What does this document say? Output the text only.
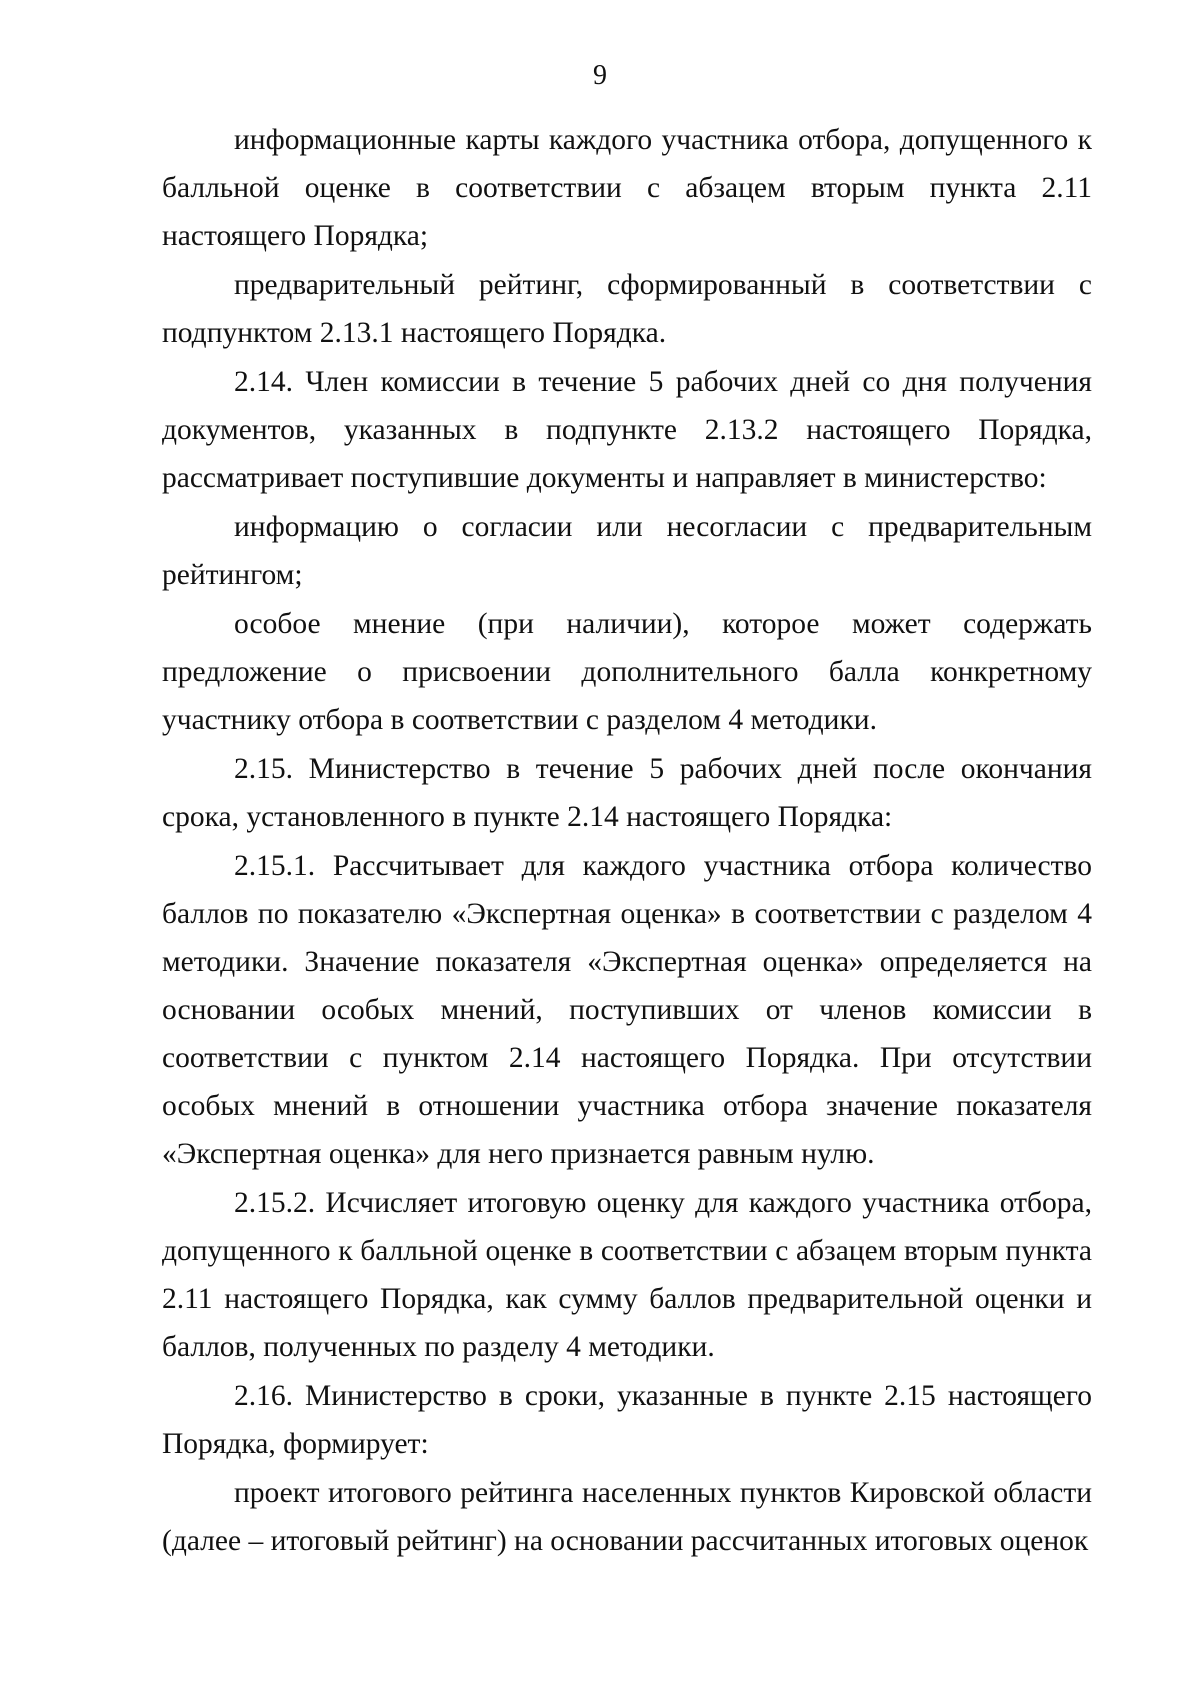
9

информационные карты каждого участника отбора, допущенного к балльной оценке в соответствии с абзацем вторым пункта 2.11 настоящего Порядка;

предварительный рейтинг, сформированный в соответствии с подпунктом 2.13.1 настоящего Порядка.

2.14. Член комиссии в течение 5 рабочих дней со дня получения документов, указанных в подпункте 2.13.2 настоящего Порядка, рассматривает поступившие документы и направляет в министерство:

информацию о согласии или несогласии с предварительным рейтингом;

особое мнение (при наличии), которое может содержать предложение о присвоении дополнительного балла конкретному участнику отбора в соответствии с разделом 4 методики.

2.15. Министерство в течение 5 рабочих дней после окончания срока, установленного в пункте 2.14 настоящего Порядка:

2.15.1. Рассчитывает для каждого участника отбора количество баллов по показателю «Экспертная оценка» в соответствии с разделом 4 методики. Значение показателя «Экспертная оценка» определяется на основании особых мнений, поступивших от членов комиссии в соответствии с пунктом 2.14 настоящего Порядка. При отсутствии особых мнений в отношении участника отбора значение показателя «Экспертная оценка» для него признается равным нулю.

2.15.2. Исчисляет итоговую оценку для каждого участника отбора, допущенного к балльной оценке в соответствии с абзацем вторым пункта 2.11 настоящего Порядка, как сумму баллов предварительной оценки и баллов, полученных по разделу 4 методики.

2.16. Министерство в сроки, указанные в пункте 2.15 настоящего Порядка, формирует:

проект итогового рейтинга населенных пунктов Кировской области (далее – итоговый рейтинг) на основании рассчитанных итоговых оценок
